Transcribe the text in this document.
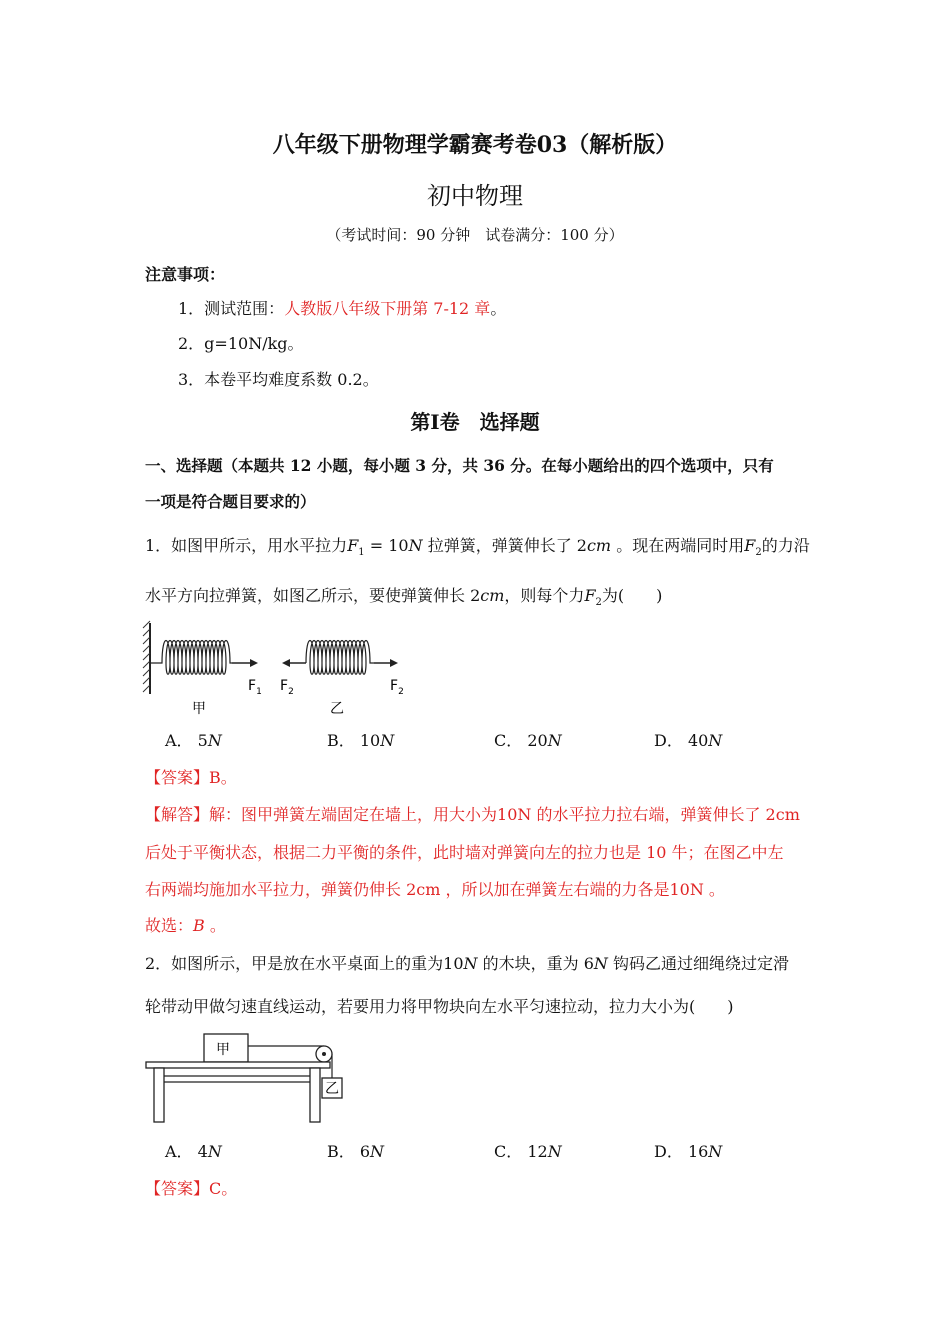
八年级下册物理学霸赛考卷03（解析版）
初中物理
（考试时间：90 分钟　试卷满分：100 分）
注意事项：
1．测试范围：人教版八年级下册第 7-12 章。
2．g=10N/kg。
3．本卷平均难度系数 0.2。
第Ⅰ卷　选择题
一、选择题（本题共 12 小题，每小题 3 分，共 36 分。在每小题给出的四个选项中，只有
一项是符合题目要求的）
1．如图甲所示，用水平拉力$F_1 = 10N$ 拉弹簧，弹簧伸长了 2cm 。现在两端同时用$F_2$的力沿
水平方向拉弹簧，如图乙所示，要使弹簧伸长 2cm，则每个力$F_2$为(　　)
$F_1$ $F_2$	$F_2$
甲	乙
A． 5N	B． 10N	C． 20N	D． 40N
【答案】B。
【解答】解：图甲弹簧左端固定在墙上，用大小为10N 的水平拉力拉右端，弹簧伸长了 2cm
后处于平衡状态，根据二力平衡的条件，此时墙对弹簧向左的拉力也是 10 牛；在图乙中左
右两端均施加水平拉力，弹簧仍伸长 2cm ，所以加在弹簧左右端的力各是10N 。
故选：B 。
2．如图所示，甲是放在水平桌面上的重为10N 的木块，重为 6N 钩码乙通过细绳绕过定滑
轮带动甲做匀速直线运动，若要用力将甲物块向左水平匀速拉动，拉力大小为(　　)
甲
乙
A． 4N	B． 6N	C． 12N	D． 16N
【答案】C。
